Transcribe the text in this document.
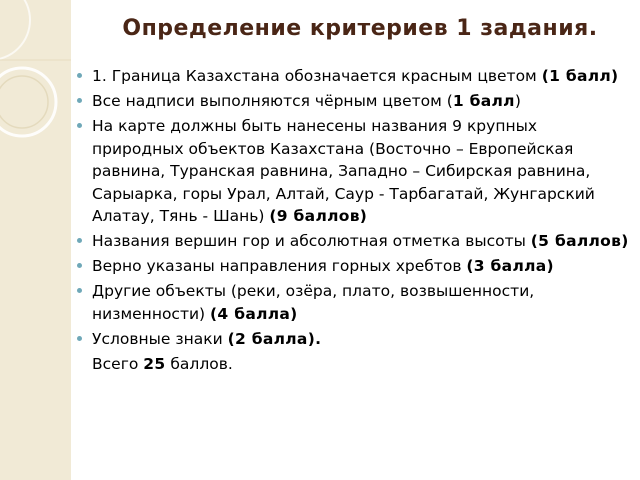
Определение критериев 1 задания.
1. Граница Казахстана обозначается красным цветом (1 балл)
Все надписи выполняются чёрным цветом (1 балл)
На карте должны быть нанесены названия 9 крупных природных объектов Казахстана (Восточно – Европейская равнина, Туранская равнина, Западно – Сибирская равнина, Сарыарка, горы Урал, Алтай, Саур - Тарбагатай, Жунгарский Алатау, Тянь - Шань) (9 баллов)
Названия вершин гор и абсолютная отметка высоты (5 баллов)
Верно указаны направления горных хребтов (3 балла)
Другие объекты (реки, озёра, плато, возвышенности, низменности) (4 балла)
Условные знаки (2 балла).
Всего 25 баллов.
